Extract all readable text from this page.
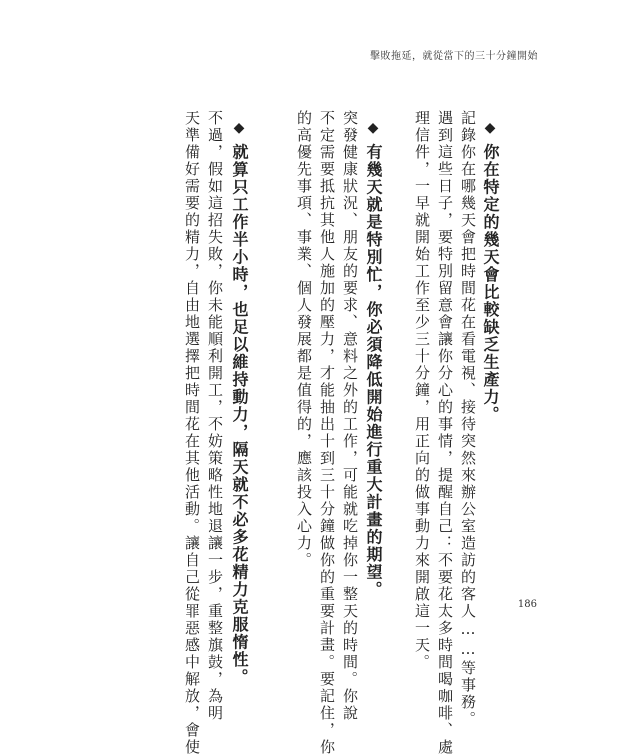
擊敗拖延，就從當下的三十分鐘開始
◆你在特定的幾天會比較缺乏生產力。
記錄你在哪幾天會把時間花在看電視、接待突然來辦公室造訪的客人……等事務。
遇到這些日子，要特別留意會讓你分心的事情，提醒自己：不要花太多時間喝咖啡、處
理信件，一早就開始工作至少三十分鐘，用正向的做事動力來開啟這一天。
◆有幾天就是特別忙，你必須降低開始進行重大計畫的期望。
突發健康狀況、朋友的要求、意料之外的工作，可能就吃掉你一整天的時間。你說
不定需要抵抗其他人施加的壓力，才能抽出十到三十分鐘做你的重要計畫。要記住，你
的高優先事項、事業、個人發展都是值得的，應該投入心力。
◆就算只工作半小時，也足以維持動力，隔天就不必多花精力克服惰性。
不過，假如這招失敗，你未能順利開工，不妨策略性地退讓一步，重整旗鼓，為明
天準備好需要的精力，自由地選擇把時間花在其他活動。讓自己從罪惡感中解放，會使	186
